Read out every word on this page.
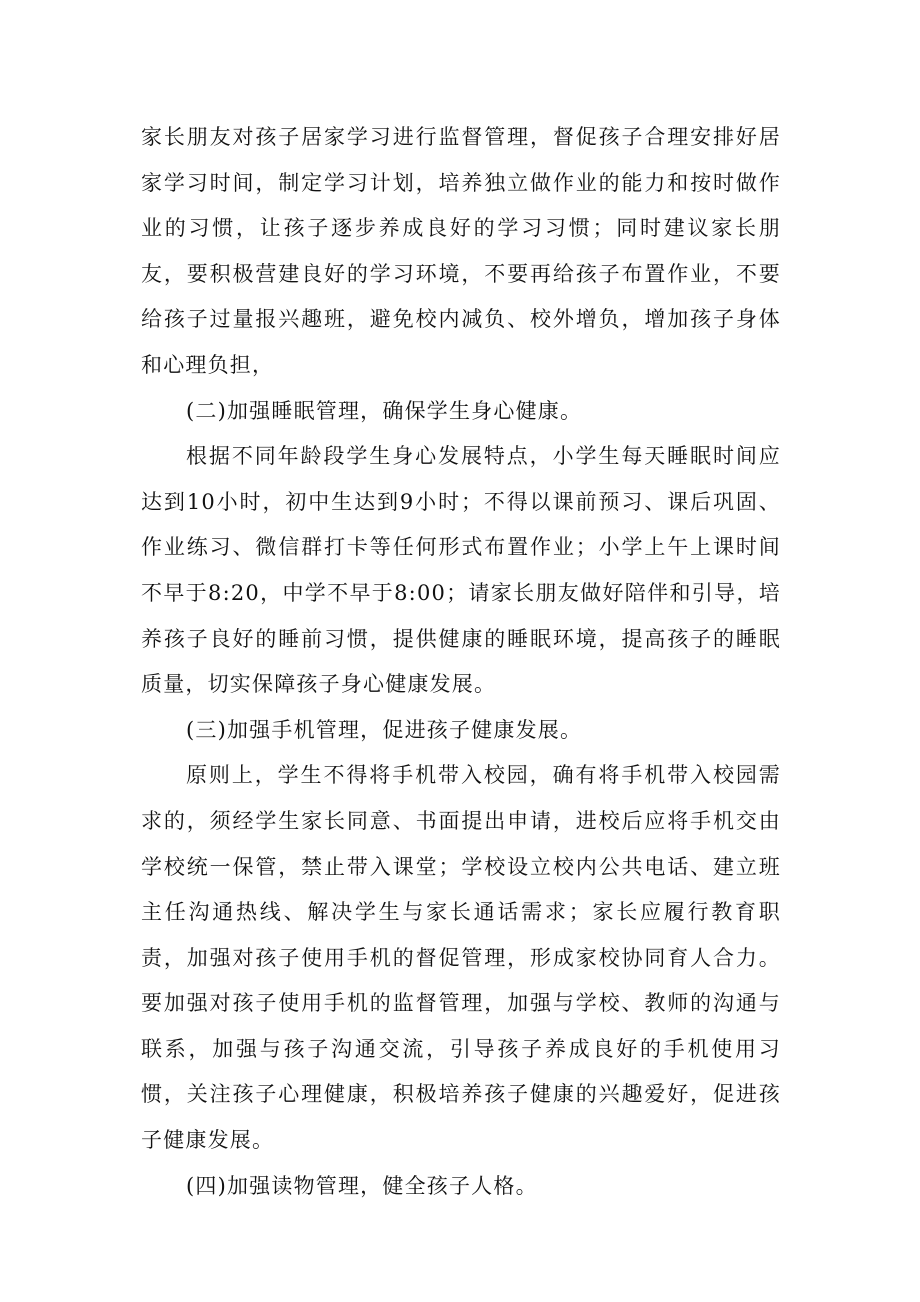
家长朋友对孩子居家学习进行监督管理，督促孩子合理安排好居家学习时间，制定学习计划，培养独立做作业的能力和按时做作业的习惯，让孩子逐步养成良好的学习习惯；同时建议家长朋友，要积极营建良好的学习环境，不要再给孩子布置作业，不要给孩子过量报兴趣班，避免校内减负、校外增负，增加孩子身体和心理负担，

(二)加强睡眠管理，确保学生身心健康。

根据不同年龄段学生身心发展特点，小学生每天睡眠时间应达到10小时，初中生达到9小时；不得以课前预习、课后巩固、作业练习、微信群打卡等任何形式布置作业；小学上午上课时间不早于8:20，中学不早于8:00；请家长朋友做好陪伴和引导，培养孩子良好的睡前习惯，提供健康的睡眠环境，提高孩子的睡眠质量，切实保障孩子身心健康发展。

(三)加强手机管理，促进孩子健康发展。

原则上，学生不得将手机带入校园，确有将手机带入校园需求的，须经学生家长同意、书面提出申请，进校后应将手机交由学校统一保管，禁止带入课堂；学校设立校内公共电话、建立班主任沟通热线、解决学生与家长通话需求；家长应履行教育职责，加强对孩子使用手机的督促管理，形成家校协同育人合力。要加强对孩子使用手机的监督管理，加强与学校、教师的沟通与联系，加强与孩子沟通交流，引导孩子养成良好的手机使用习惯，关注孩子心理健康，积极培养孩子健康的兴趣爱好，促进孩子健康发展。

(四)加强读物管理，健全孩子人格。
